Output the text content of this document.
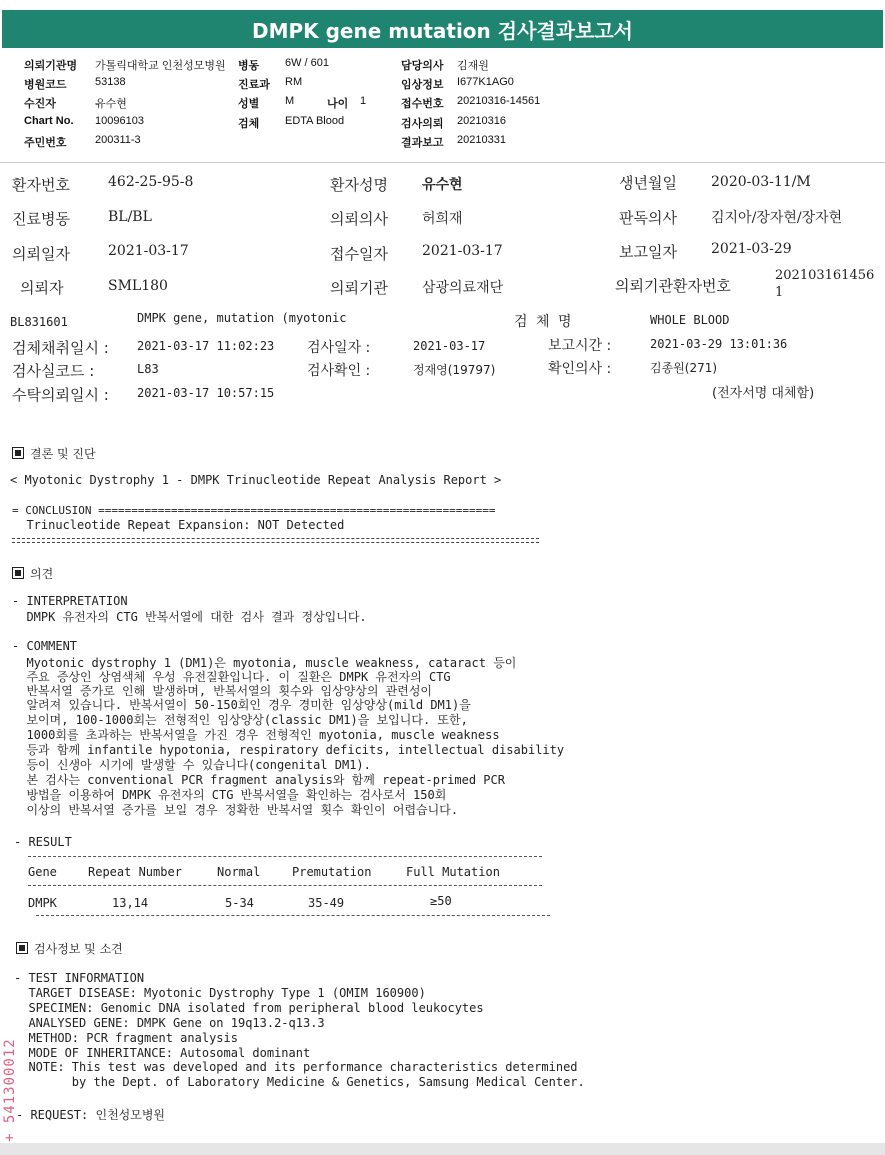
DMPK gene mutation 검사결과보고서
의뢰기관명 가톨릭대학교 인천성모병원 병동 6W / 601	담당의사 김재원
병원코드	53138	진료과 RM	임상정보 I677K1AG0
수진자	유수현	성별 M	나이 1	접수번호 20210316-14561
Chart No. 10096103	검체 EDTA Blood	검사의뢰 20210316
주민번호	200311-3	결과보고 20210331
환자번호	462-25-95-8	환자성명 유수현	생년월일 2020-03-11/M
진료병동	BL/BL	의뢰의사 허희재	판독의사 김지아/장자현/장자현
의뢰일자	2021-03-17	접수일자 2021-03-17	보고일자 2021-03-29
의뢰자	SML180	의뢰기관 삼광의료재단	의뢰기관환자번호
202103161456
1
BL831601	DMPK gene, mutation (myotonic	검 체 명	WHOLE BLOOD
검체채취일시 : 2021-03-17 11:02:23 검사일자 :	2021-03-17	보고시간 :	2021-03-29 13:01:36
검사실코드 :	L83	검사확인 :	정재영(19797)	확인의사 :	김종원(271)
수탁의뢰일시 : 2021-03-17 10:57:15	(전자서명 대체함)
결론 및 진단
< Myotonic Dystrophy 1 - DMPK Trinucleotide Repeat Analysis Report >
= CONCLUSION ============================================================
Trinucleotide Repeat Expansion: NOT Detected
의견
- INTERPRETATION
DMPK 유전자의 CTG 반복서열에 대한 검사 결과 정상입니다.
- COMMENT
Myotonic dystrophy 1 (DM1)은 myotonia, muscle weakness, cataract 등이
주요 증상인 상염색체 우성 유전질환입니다. 이 질환은 DMPK 유전자의 CTG
반복서열 증가로 인해 발생하며, 반복서열의 횟수와 임상양상의 관련성이
알려져 있습니다. 반복서열이 50-150회인 경우 경미한 임상양상(mild DM1)을
보이며, 100-1000회는 전형적인 임상양상(classic DM1)을 보입니다. 또한,
1000회를 초과하는 반복서열을 가진 경우 전형적인 myotonia, muscle weakness
등과 함께 infantile hypotonia, respiratory deficits, intellectual disability
등이 신생아 시기에 발생할 수 있습니다(congenital DM1).
본 검사는 conventional PCR fragment analysis와 함께 repeat-primed PCR
방법을 이용하여 DMPK 유전자의 CTG 반복서열을 확인하는 검사로서 150회
이상의 반복서열 증가를 보일 경우 정확한 반복서열 횟수 확인이 어렵습니다.
- RESULT
Gene	Repeat Number	Normal	Premutation	Full Mutation
DMPK	13,14	5-34	35-49	≥50
검사정보 및 소견
- TEST INFORMATION
TARGET DISEASE: Myotonic Dystrophy Type 1 (OMIM 160900)
SPECIMEN: Genomic DNA isolated from peripheral blood leukocytes
ANALYSED GENE: DMPK Gene on 19q13.2-q13.3
METHOD: PCR fragment analysis
MODE OF INHERITANCE: Autosomal dominant
NOTE: This test was developed and its performance characteristics determined
by the Dept. of Laboratory Medicine & Genetics, Samsung Medical Center.
- REQUEST: 인천성모병원
+ 541300012
